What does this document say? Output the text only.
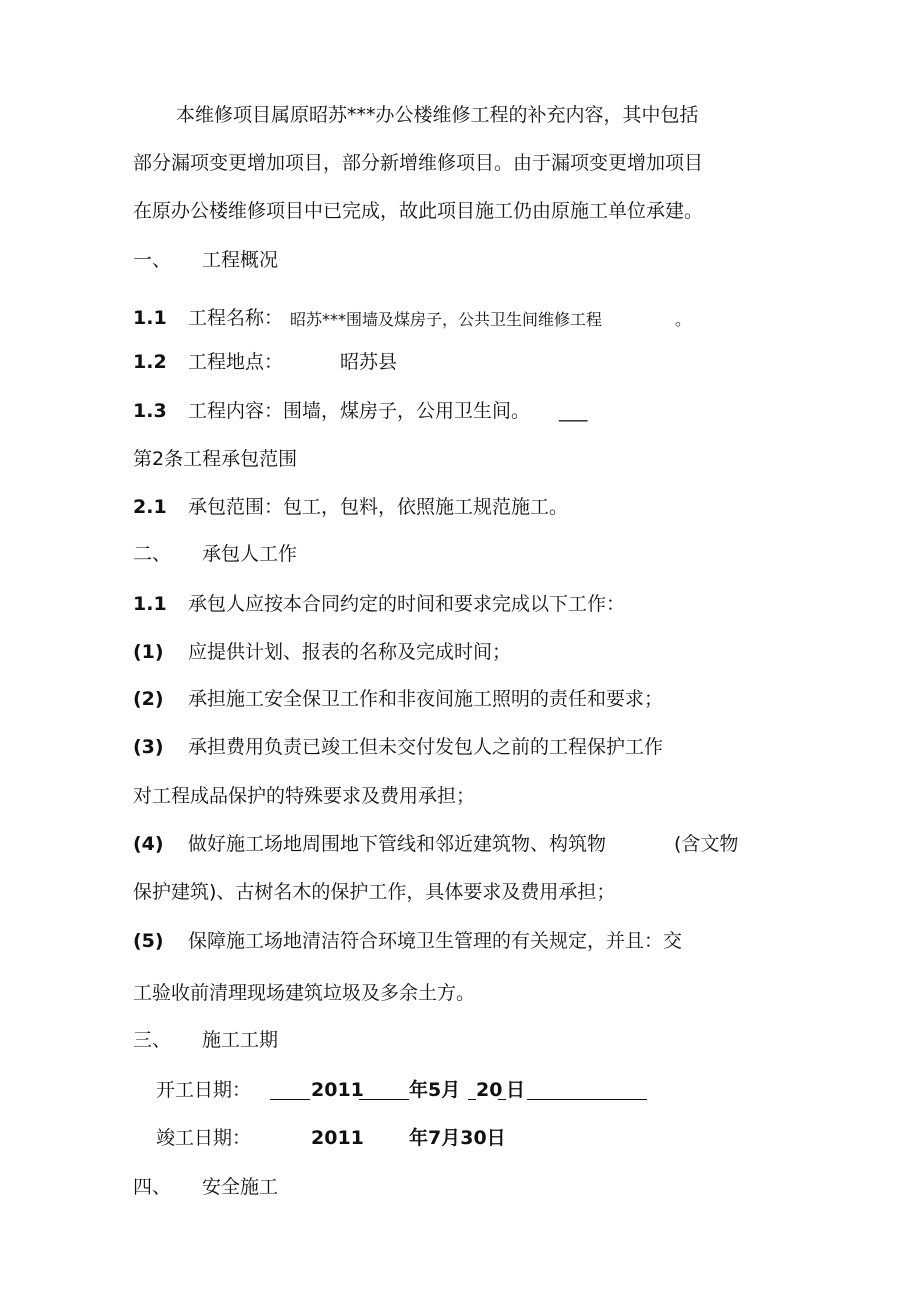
本维修项目属原昭苏***办公楼维修工程的补充内容，其中包括
部分漏项变更增加项目，部分新增维修项目。由于漏项变更增加项目
在原办公楼维修项目中已完成，故此项目施工仍由原施工单位承建。
一、 工程概况
1.1 工程名称： 昭苏***围墙及煤房子，公共卫生间维修工程	。
1.2 工程地点：	昭苏县
1.3 工程内容： 围墙，煤房子，公用卫生间。 ___
第2条工程承包范围
2.1 承包范围：包工，包料，依照施工规范施工。
二、 承包人工作
1.1 承包人应按本合同约定的时间和要求完成以下工作：
(1) 应提供计划、报表的名称及完成时间；
(2) 承担施工安全保卫工作和非夜间施工照明的责任和要求；
(3) 承担费用负责已竣工但未交付发包人之前的工程保护工作
对工程成品保护的特殊要求及费用承担；
(4) 做好施工场地周围地下管线和邻近建筑物、构筑物	(含文物
保护建筑)、古树名木的保护工作，具体要求及费用承担；
(5) 保障施工场地清洁符合环境卫生管理的有关规定，并且：交
工验收前清理现场建筑垃圾及多余土方。
三、 施工工期
开工日期：	2011 年5月 20 日
竣工日期：	2011 年7月30日
四、 安全施工
